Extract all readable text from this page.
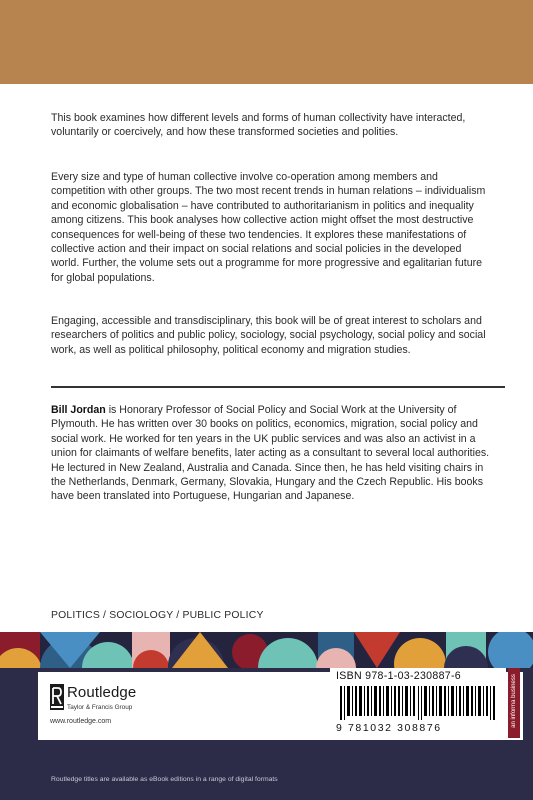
This book examines how different levels and forms of human collectivity have interacted, voluntarily or coercively, and how these transformed societies and polities.

Every size and type of human collective involve co-operation among members and competition with other groups. The two most recent trends in human relations – individualism and economic globalisation – have contributed to authoritarianism in politics and inequality among citizens. This book analyses how collective action might offset the most destructive consequences for well-being of these two tendencies. It explores these manifestations of collective action and their impact on social relations and social policies in the developed world. Further, the volume sets out a programme for more progressive and egalitarian future for global populations.

Engaging, accessible and transdisciplinary, this book will be of great interest to scholars and researchers of politics and public policy, sociology, social psychology, social policy and social work, as well as political philosophy, political economy and migration studies.

Bill Jordan is Honorary Professor of Social Policy and Social Work at the University of Plymouth. He has written over 30 books on politics, economics, migration, social policy and social work. He worked for ten years in the UK public services and was also an activist in a union for claimants of welfare benefits, later acting as a consultant to several local authorities. He lectured in New Zealand, Australia and Canada. Since then, he has held visiting chairs in the Netherlands, Denmark, Germany, Slovakia, Hungary and the Czech Republic. His books have been translated into Portuguese, Hungarian and Japanese.

POLITICS / SOCIOLOGY / PUBLIC POLICY
Routledge
Taylor & Francis Group
www.routledge.com
ISBN 978-1-03-230887-6
9 781032 308876
an informa business
Routledge titles are available as eBook editions in a range of digital formats
